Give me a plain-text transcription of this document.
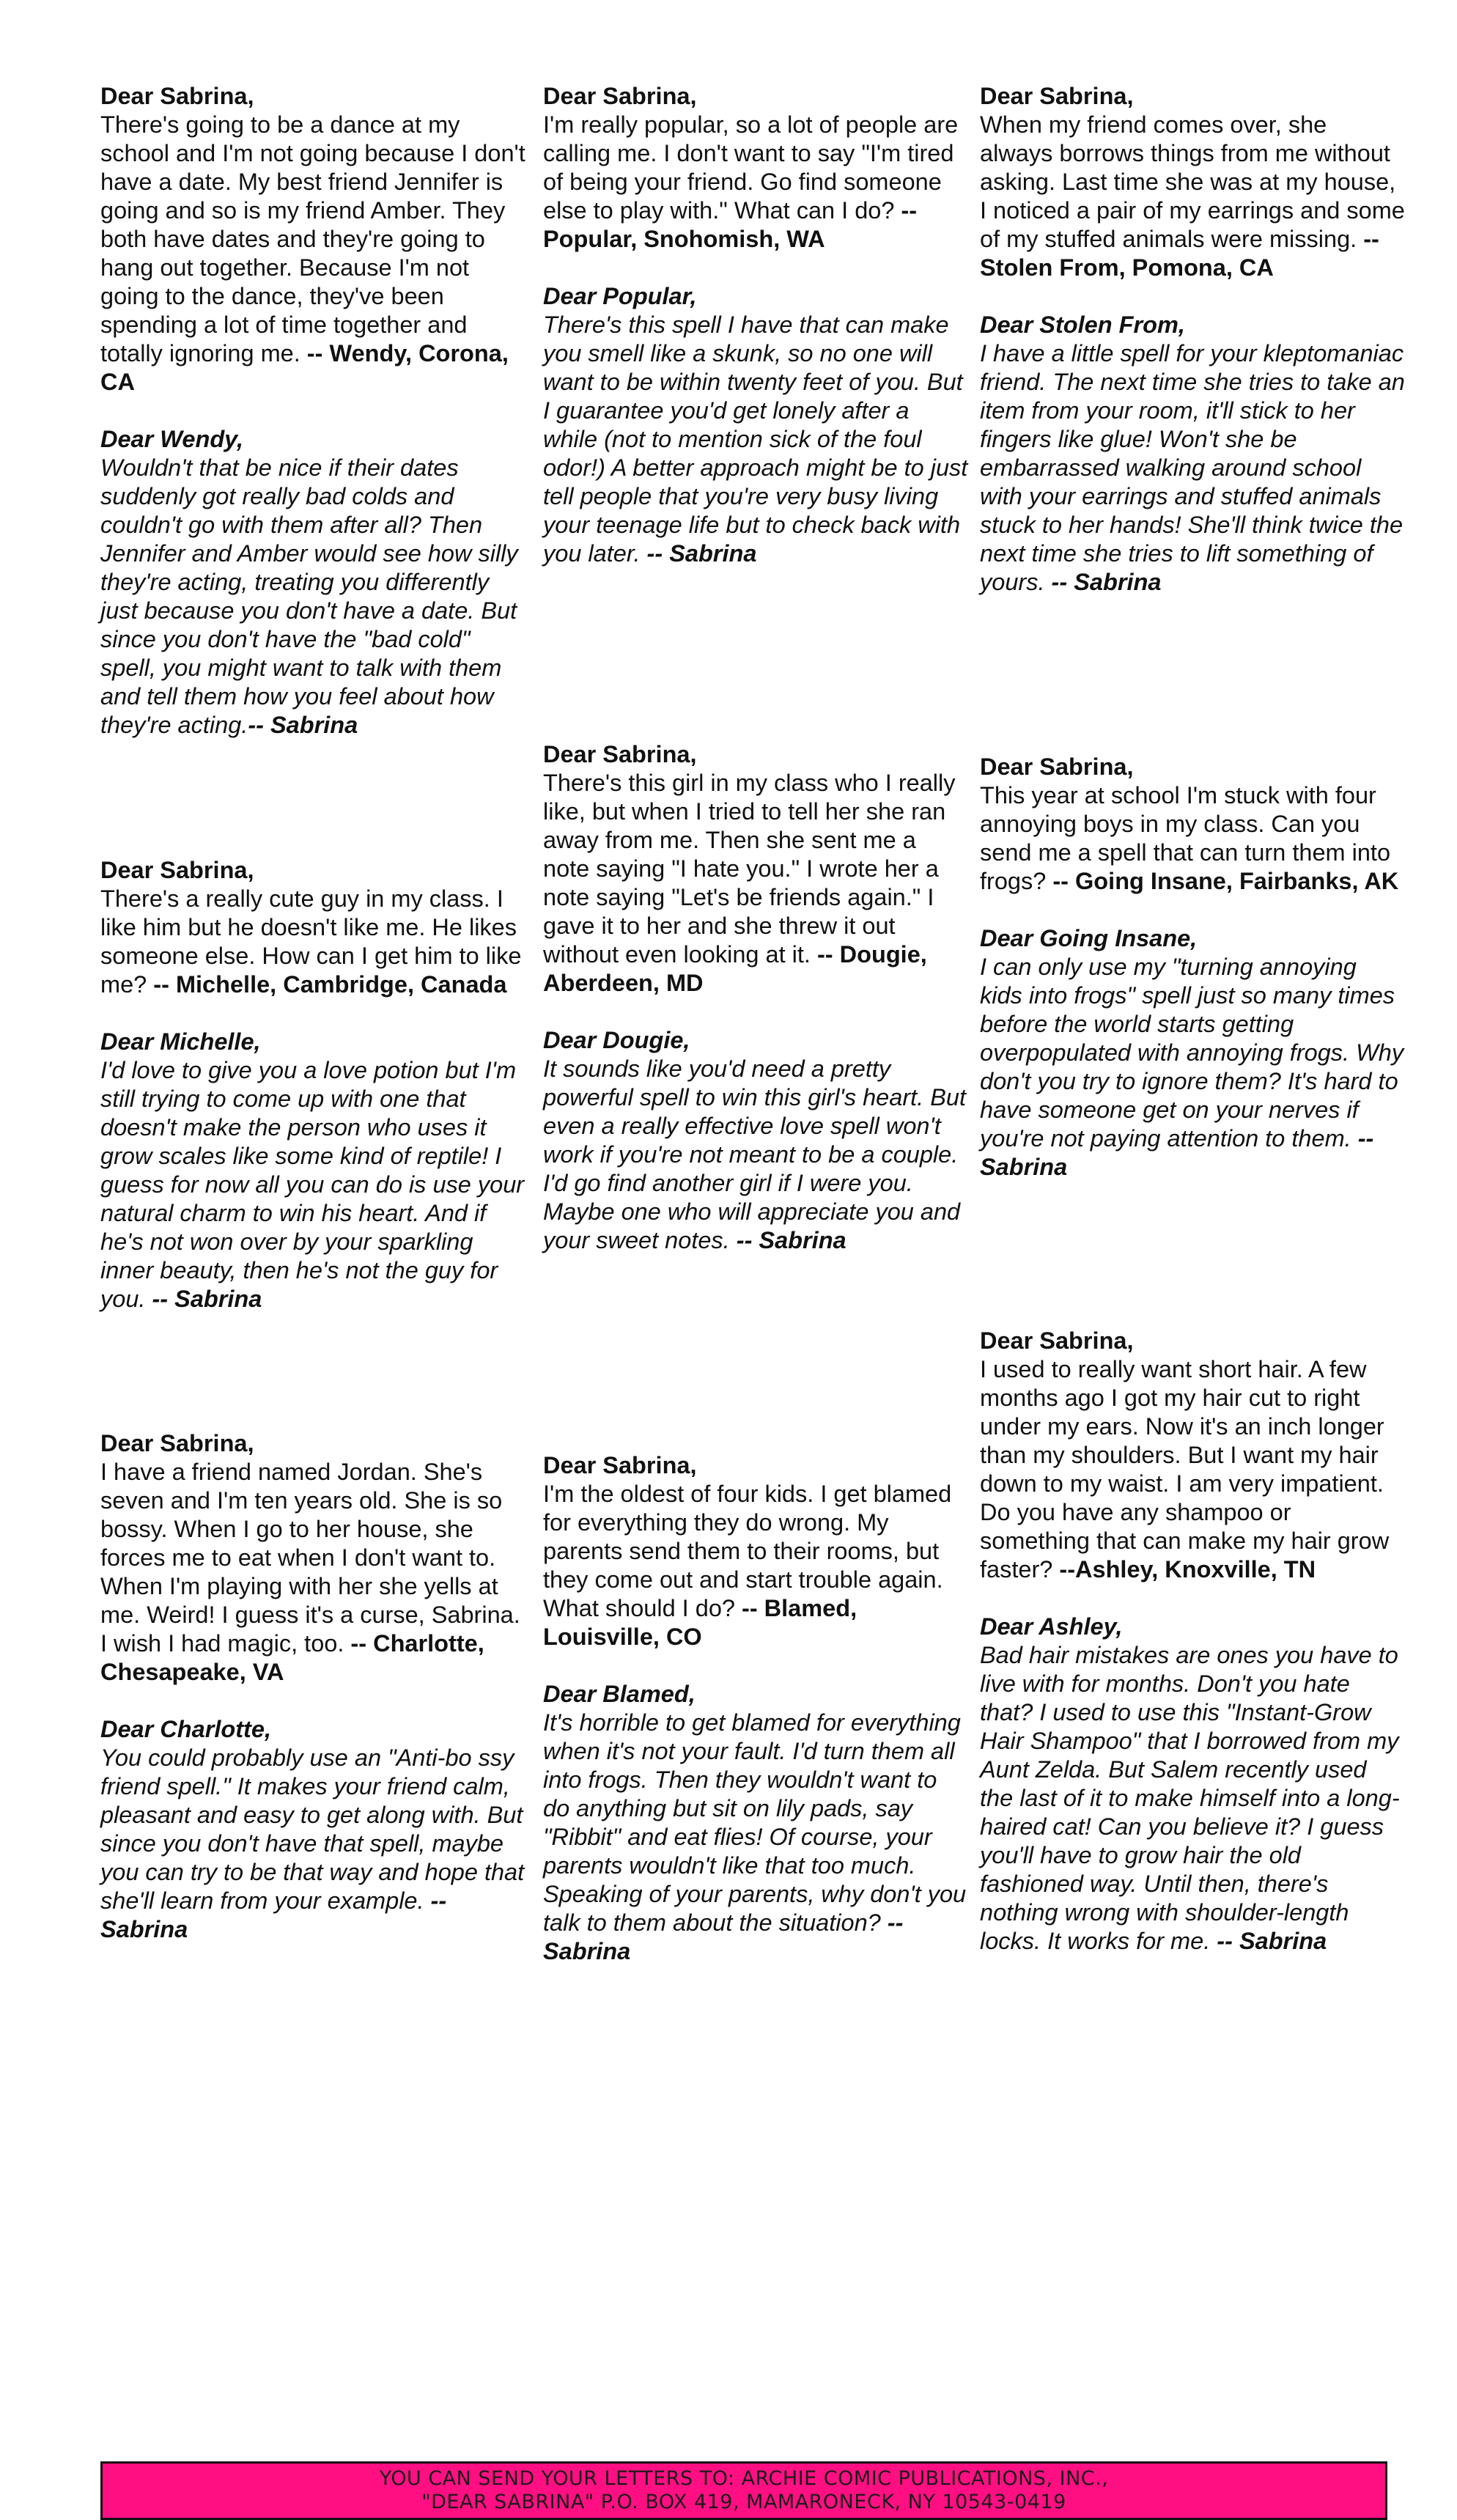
Dear Sabrina,
There's going to be a dance at my school and I'm not going because I don't have a date. My best friend Jennifer is going and so is my friend Amber. They both have dates and they're going to hang out together. Because I'm not going to the dance, they've been spending a lot of time together and totally ignoring me. -- Wendy, Corona, CA

Dear Wendy,
Wouldn't that be nice if their dates suddenly got really bad colds and couldn't go with them after all? Then Jennifer and Amber would see how silly they're acting, treating you differently just because you don't have a date. But since you don't have the "bad cold" spell, you might want to talk with them and tell them how you feel about how they're acting.-- Sabrina

Dear Sabrina,
There's a really cute guy in my class. I like him but he doesn't like me. He likes someone else. How can I get him to like me? -- Michelle, Cambridge, Canada

Dear Michelle,
I'd love to give you a love potion but I'm still trying to come up with one that doesn't make the person who uses it grow scales like some kind of reptile! I guess for now all you can do is use your natural charm to win his heart. And if he's not won over by your sparkling inner beauty, then he's not the guy for you. -- Sabrina

Dear Sabrina,
I have a friend named Jordan. She's seven and I'm ten years old. She is so bossy. When I go to her house, she forces me to eat when I don't want to. When I'm playing with her she yells at me. Weird! I guess it's a curse, Sabrina. I wish I had magic, too. -- Charlotte, Chesapeake, VA

Dear Charlotte,
You could probably use an "Anti-bo ssy friend spell." It makes your friend calm, pleasant and easy to get along with. But since you don't have that spell, maybe you can try to be that way and hope that she'll learn from your example. -- Sabrina

Dear Sabrina,
I'm really popular, so a lot of people are calling me. I don't want to say "I'm tired of being your friend. Go find someone else to play with." What can I do? -- Popular, Snohomish, WA

Dear Popular,
There's this spell I have that can make you smell like a skunk, so no one will want to be within twenty feet of you. But I guarantee you'd get lonely after a while (not to mention sick of the foul odor!) A better approach might be to just tell people that you're very busy living your teenage life but to check back with you later. -- Sabrina

Dear Sabrina,
There's this girl in my class who I really like, but when I tried to tell her she ran away from me. Then she sent me a note saying "I hate you." I wrote her a note saying "Let's be friends again." I gave it to her and she threw it out without even looking at it. -- Dougie, Aberdeen, MD

Dear Dougie,
It sounds like you'd need a pretty powerful spell to win this girl's heart. But even a really effective love spell won't work if you're not meant to be a couple. I'd go find another girl if I were you. Maybe one who will appreciate you and your sweet notes. -- Sabrina

Dear Sabrina,
I'm the oldest of four kids. I get blamed for everything they do wrong. My parents send them to their rooms, but they come out and start trouble again. What should I do? -- Blamed, Louisville, CO

Dear Blamed,
It's horrible to get blamed for everything when it's not your fault. I'd turn them all into frogs. Then they wouldn't want to do anything but sit on lily pads, say "Ribbit" and eat flies! Of course, your parents wouldn't like that too much. Speaking of your parents, why don't you talk to them about the situation? -- Sabrina

Dear Sabrina,
When my friend comes over, she always borrows things from me without asking. Last time she was at my house, I noticed a pair of my earrings and some of my stuffed animals were missing. -- Stolen From, Pomona, CA

Dear Stolen From,
I have a little spell for your kleptomaniac friend. The next time she tries to take an item from your room, it'll stick to her fingers like glue! Won't she be embarrassed walking around school with your earrings and stuffed animals stuck to her hands! She'll think twice the next time she tries to lift something of yours. -- Sabrina

Dear Sabrina,
This year at school I'm stuck with four annoying boys in my class. Can you send me a spell that can turn them into frogs? -- Going Insane, Fairbanks, AK

Dear Going Insane,
I can only use my "turning annoying kids into frogs" spell just so many times before the world starts getting overpopulated with annoying frogs. Why don't you try to ignore them? It's hard to have someone get on your nerves if you're not paying attention to them. -- Sabrina

Dear Sabrina,
I used to really want short hair. A few months ago I got my hair cut to right under my ears. Now it's an inch longer than my shoulders. But I want my hair down to my waist. I am very impatient. Do you have any shampoo or something that can make my hair grow faster? --Ashley, Knoxville, TN

Dear Ashley,
Bad hair mistakes are ones you have to live with for months. Don't you hate that? I used to use this "Instant-Grow Hair Shampoo" that I borrowed from my Aunt Zelda. But Salem recently used the last of it to make himself into a long-haired cat! Can you believe it? I guess you'll have to grow hair the old fashioned way. Until then, there's nothing wrong with shoulder-length locks. It works for me. -- Sabrina

YOU CAN SEND YOUR LETTERS TO: ARCHIE COMIC PUBLICATIONS, INC.,
"DEAR SABRINA" P.O. BOX 419, MAMARONECK, NY 10543-0419
